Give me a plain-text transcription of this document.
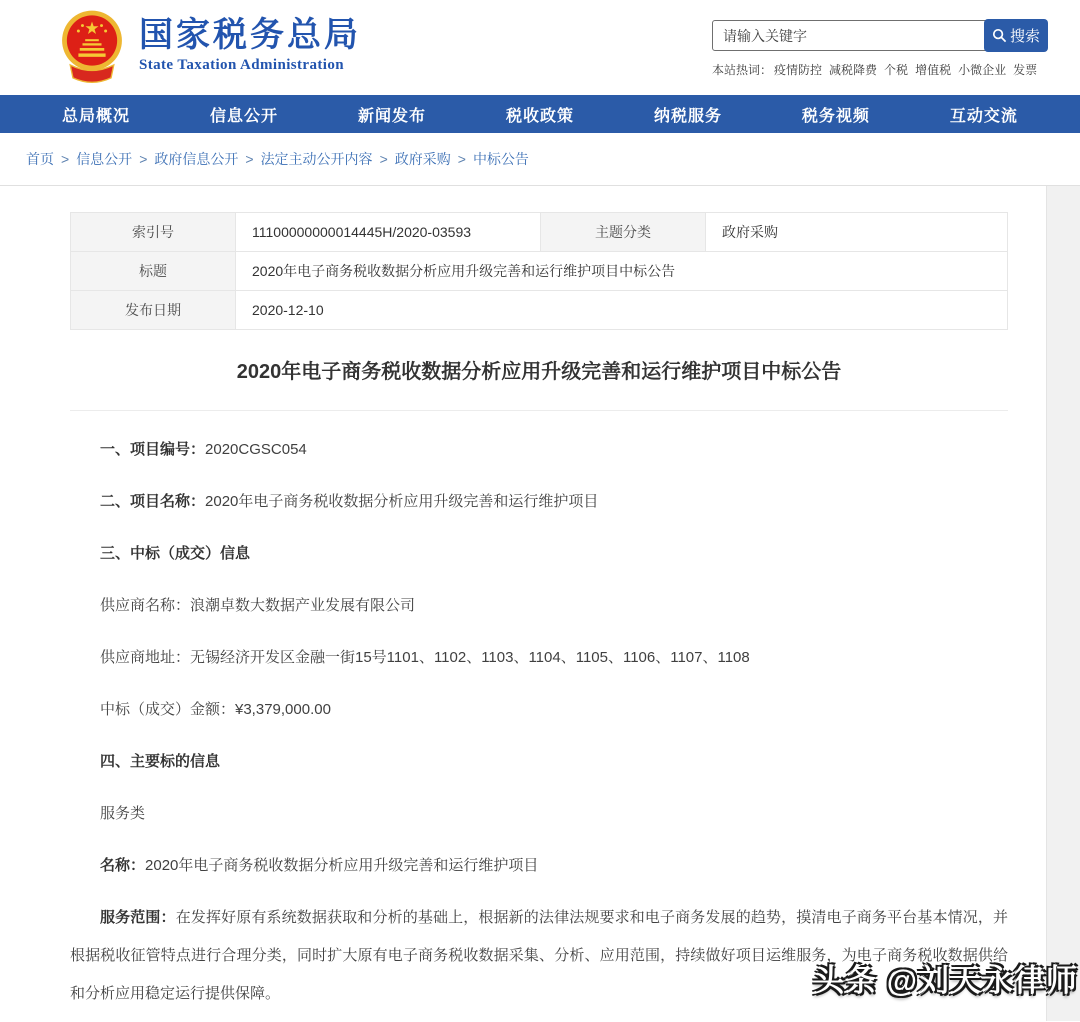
国家税务总局
State Taxation Administration
请输入关键字
搜索
本站热词： 疫情防控 减税降费 个税 增值税 小微企业 发票
总局概况	信息公开	新闻发布	税收政策	纳税服务	税务视频	互动交流
首页 > 信息公开 > 政府信息公开 > 法定主动公开内容 > 政府采购 > 中标公告
索引号	11100000000014445H/2020-03593	主题分类	政府采购
标题	2020年电子商务税收数据分析应用升级完善和运行维护项目中标公告		
发布日期	2020-12-10		
2020年电子商务税收数据分析应用升级完善和运行维护项目中标公告

一、项目编号：2020CGSC054

二、项目名称：2020年电子商务税收数据分析应用升级完善和运行维护项目

三、中标（成交）信息

供应商名称：浪潮卓数大数据产业发展有限公司

供应商地址：无锡经济开发区金融一街15号1101、1102、1103、1104、1105、1106、1107、1108

中标（成交）金额：¥3,379,000.00

四、主要标的信息

服务类

名称：2020年电子商务税收数据分析应用升级完善和运行维护项目

服务范围：在发挥好原有系统数据获取和分析的基础上，根据新的法律法规要求和电子商务发展的趋势，摸清电子商务平台基本情况，并根据税收征管特点进行合理分类，同时扩大原有电子商务税收数据采集、分析、应用范围，持续做好项目运维服务，为电子商务税收数据供给和分析应用稳定运行提供保障。	头条 @刘天永律师
